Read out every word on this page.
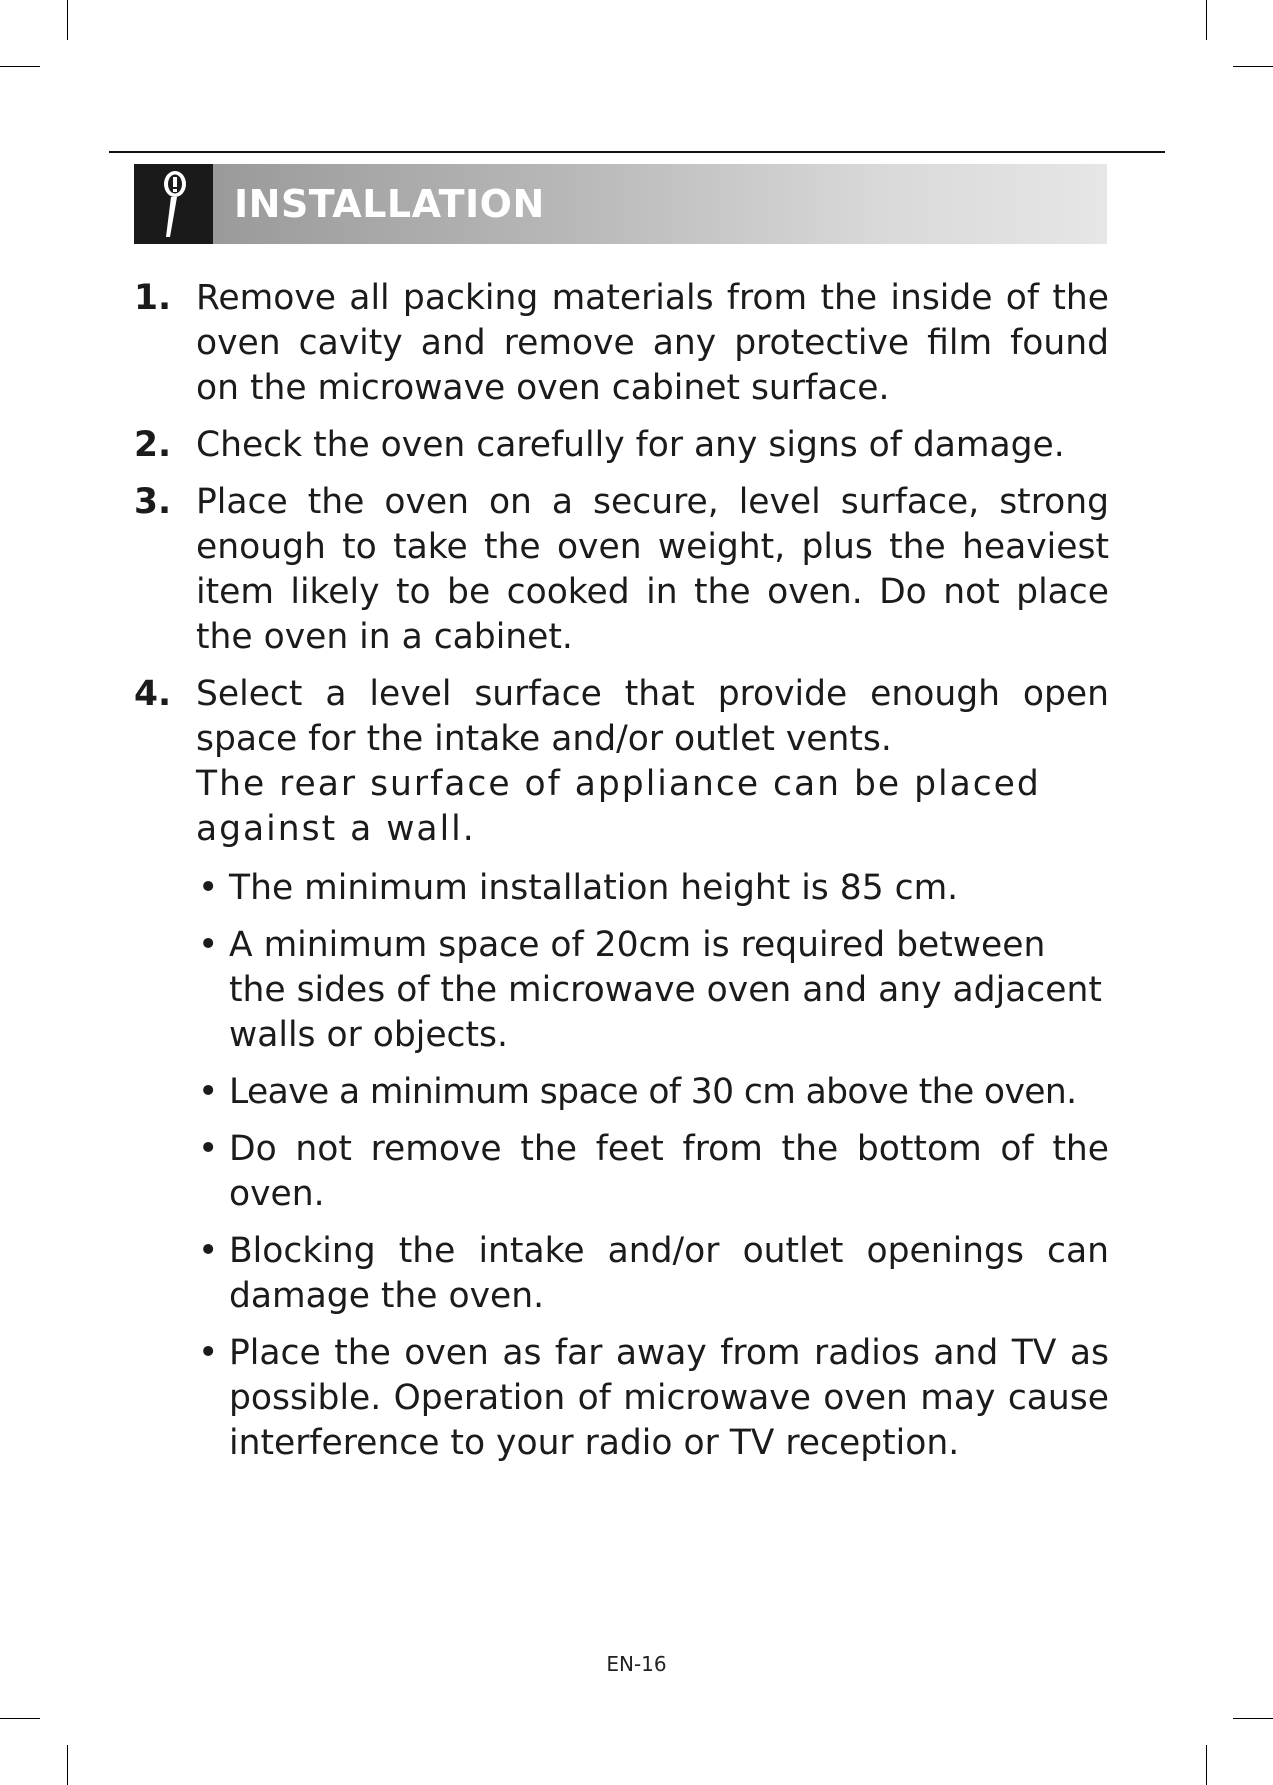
INSTALLATION
1. Remove all packing materials from the inside of the oven cavity and remove any protective film found on the microwave oven cabinet surface.

2. Check the oven carefully for any signs of damage.

3. Place the oven on a secure, level surface, strong enough to take the oven weight, plus the heaviest item likely to be cooked in the oven. Do not place the oven in a cabinet.

4. Select a level surface that provide enough open space for the intake and/or outlet vents.

The rear surface of appliance can be placed against a wall.

• The minimum installation height is 85 cm.
• A minimum space of 20cm is required between the sides of the microwave oven and any adjacent walls or objects.
• Leave a minimum space of 30 cm above the oven.
• Do not remove the feet from the bottom of the oven.
• Blocking the intake and/or outlet openings can damage the oven.
• Place the oven as far away from radios and TV as possible. Operation of microwave oven may cause interference to your radio or TV reception.
EN-16
